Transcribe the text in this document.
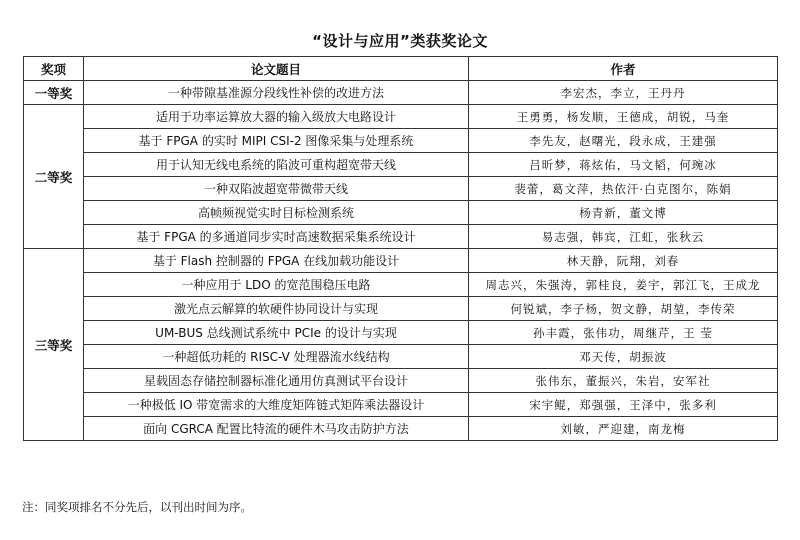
“设计与应用”类获奖论文
奖项	论文题目	作者
一等奖	一种带隙基准源分段线性补偿的改进方法	李宏杰，李立，王丹丹
二等奖	适用于功率运算放大器的输入级放大电路设计	王勇勇，杨发顺，王德成，胡锐，马奎
	基于 FPGA 的实时 MIPI CSI-2 图像采集与处理系统	李先友，赵曙光，段永成，王建强
	用于认知无线电系统的陷波可重构超宽带天线	吕昕梦，蒋炫佑，马文韬，何琬冰
	一种双陷波超宽带微带天线	裴蕾，葛文萍，热依汗·白克图尔，陈娟
	高帧频视觉实时目标检测系统	杨青新，董文博
	基于 FPGA 的多通道同步实时高速数据采集系统设计	易志强，韩宾，江虹，张秋云
三等奖	基于 Flash 控制器的 FPGA 在线加载功能设计	林天静，阮翔，刘春
	一种应用于 LDO 的宽范围稳压电路	周志兴，朱强涛，郭桂良，姜宇，郭江飞，王成龙
	激光点云解算的软硬件协同设计与实现	何锐斌，李子杨，贺文静，胡堃，李传荣
	UM-BUS 总线测试系统中 PCIe 的设计与实现	孙丰霞，张伟功，周继芹，王 莹
	一种超低功耗的 RISC-V 处理器流水线结构	邓天传，胡振波
	星载固态存储控制器标准化通用仿真测试平台设计	张伟东，董振兴，朱岩，安军社
	一种极低 IO 带宽需求的大维度矩阵链式矩阵乘法器设计	宋宇鲲，郑强强，王泽中，张多利
	面向 CGRCA 配置比特流的硬件木马攻击防护方法	刘敏，严迎建，南龙梅
注：同奖项排名不分先后，以刊出时间为序。
